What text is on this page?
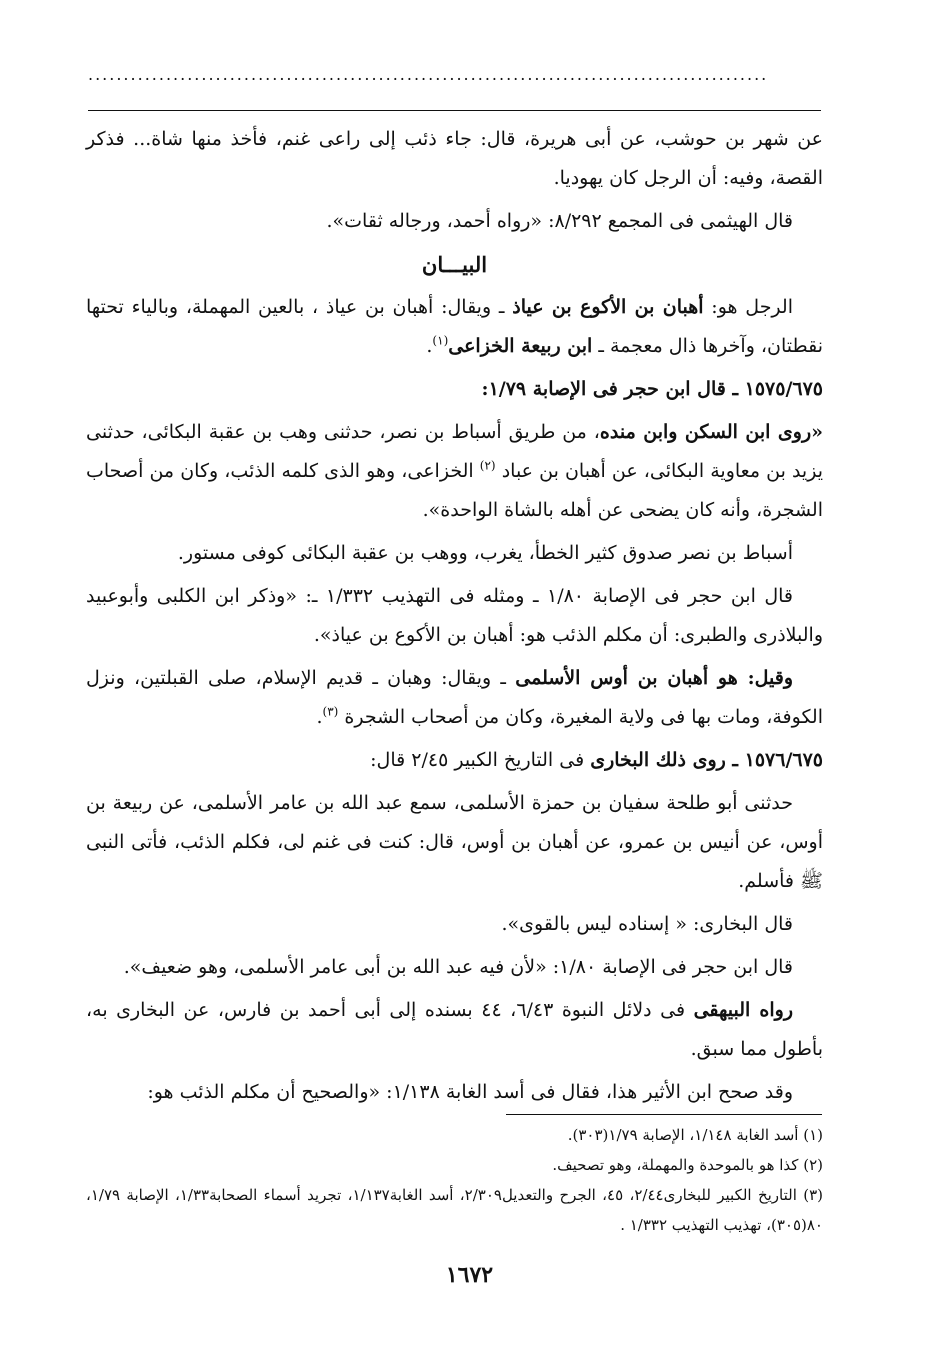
................................................................................................

عن شهر بن حوشب، عن أبى هريرة، قال: جاء ذئب إلى راعى غنم، فأخذ منها شاة... فذكر القصة، وفيه: أن الرجل كان يهوديا.

قال الهيثمى فى المجمع ٨/٢٩٢: «رواه أحمد، ورجاله ثقات».

البيـــان

الرجل هو: أهبان بن الأكوع بن عياذ ـ ويقال: أهبان بن عياذ ، بالعين المهملة، وبالياء تحتها نقطتان، وآخرها ذال معجمة ـ ابن ربيعة الخزاعى$^{(١)}$.

١٥٧٥/٦٧٥ ـ قال ابن حجر فى الإصابة ١/٧٩:

«روى ابن السكن وابن منده، من طريق أسباط بن نصر، حدثنى وهب بن عقبة البكائى، حدثنى يزيد بن معاوية البكائى، عن أهبان بن عباد $^{(٢)}$ الخزاعى، وهو الذى كلمه الذئب، وكان من أصحاب الشجرة، وأنه كان يضحى عن أهله بالشاة الواحدة».

أسباط بن نصر صدوق كثير الخطأ، يغرب، ووهب بن عقبة البكائى كوفى مستور.

قال ابن حجر فى الإصابة ١/٨٠ ـ ومثله فى التهذيب ١/٣٣٢ ـ: «وذكر ابن الكلبى وأبوعبيد والبلاذرى والطبرى: أن مكلم الذئب هو: أهبان بن الأكوع بن عياذ».

وقيل: هو أهبان بن أوس الأسلمى ـ ويقال: وهبان ـ قديم الإسلام، صلى القبلتين، ونزل الكوفة، ومات بها فى ولاية المغيرة، وكان من أصحاب الشجرة $^{(٣)}$.

١٥٧٦/٦٧٥ ـ روى ذلك البخارى فى التاريخ الكبير ٢/٤٥ قال:

حدثنى أبو طلحة سفيان بن حمزة الأسلمى، سمع عبد الله بن عامر الأسلمى، عن ربيعة بن أوس، عن أنيس بن عمرو، عن أهبان بن أوس، قال: كنت فى غنم لى، فكلم الذئب، فأتى النبى ﷺ فأسلم.

قال البخارى: « إسناده ليس بالقوى».

قال ابن حجر فى الإصابة ١/٨٠: «لأن فيه عبد الله بن أبى عامر الأسلمى، وهو ضعيف».

رواه البيهقى فى دلائل النبوة ٦/٤٣، ٤٤ بسنده إلى أبى أحمد بن فارس، عن البخارى به، بأطول مما سبق.

وقد صحح ابن الأثير هذا، فقال فى أسد الغابة ١/١٣٨: «والصحيح أن مكلم الذئب هو:

(١) أسد الغابة ١/١٤٨، الإصابة ١/٧٩(٣٠٣).

(٢) كذا هو بالموحدة والمهملة، وهو تصحيف.

(٣) التاريخ الكبير للبخارى٢/٤٤، ٤٥، الجرح والتعديل٢/٣٠٩، أسد الغابة١/١٣٧، تجريد أسماء الصحابة١/٣٣، الإصابة ١/٧٩، ٨٠(٣٠٥)، تهذيب التهذيب ١/٣٣٢ .

١٦٧٢
